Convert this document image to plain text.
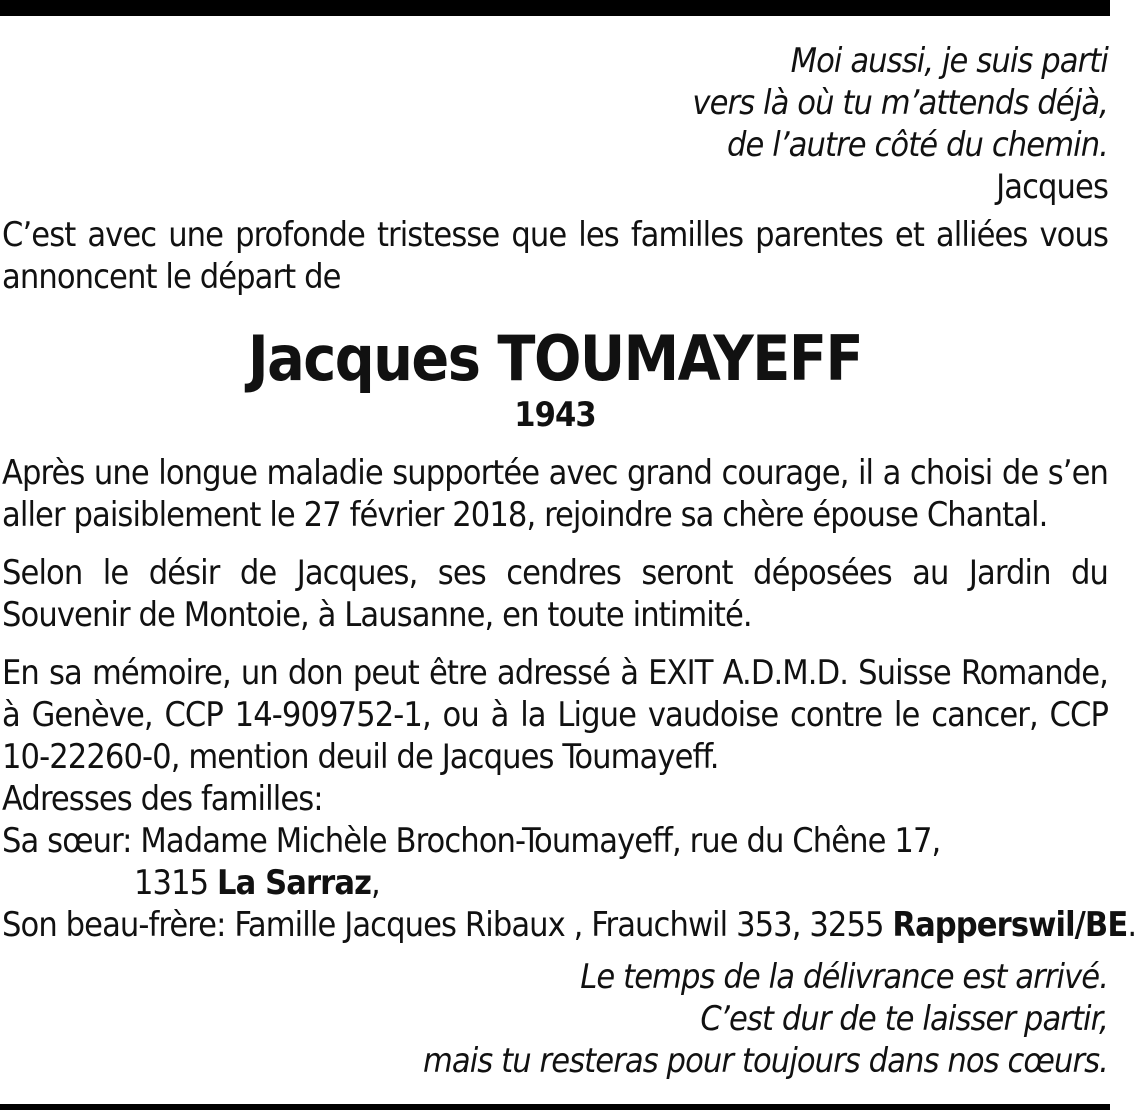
Moi aussi, je suis parti
vers là où tu m’attends déjà,
de l’autre côté du chemin.
Jacques

C’est avec une profonde tristesse que les familles parentes et alliées vous annoncent le départ de

Jacques TOUMAYEFF
1943

Après une longue maladie supportée avec grand courage, il a choisi de s’en aller paisiblement le 27 février 2018, rejoindre sa chère épouse Chantal.

Selon le désir de Jacques, ses cendres seront déposées au Jardin du Souvenir de Montoie, à Lausanne, en toute intimité.

En sa mémoire, un don peut être adressé à EXIT A.D.M.D. Suisse Romande, à Genève, CCP 14-909752-1, ou à la Ligue vaudoise contre le cancer, CCP 10-22260-0, mention deuil de Jacques Toumayeff.

Adresses des familles:
Sa sœur: Madame Michèle Brochon-Toumayeff, rue du Chêne 17,
1315 La Sarraz,
Son beau-frère: Famille Jacques Ribaux , Frauchwil 353, 3255 Rapperswil/BE.
Le temps de la délivrance est arrivé.
C’est dur de te laisser partir,
mais tu resteras pour toujours dans nos cœurs.
